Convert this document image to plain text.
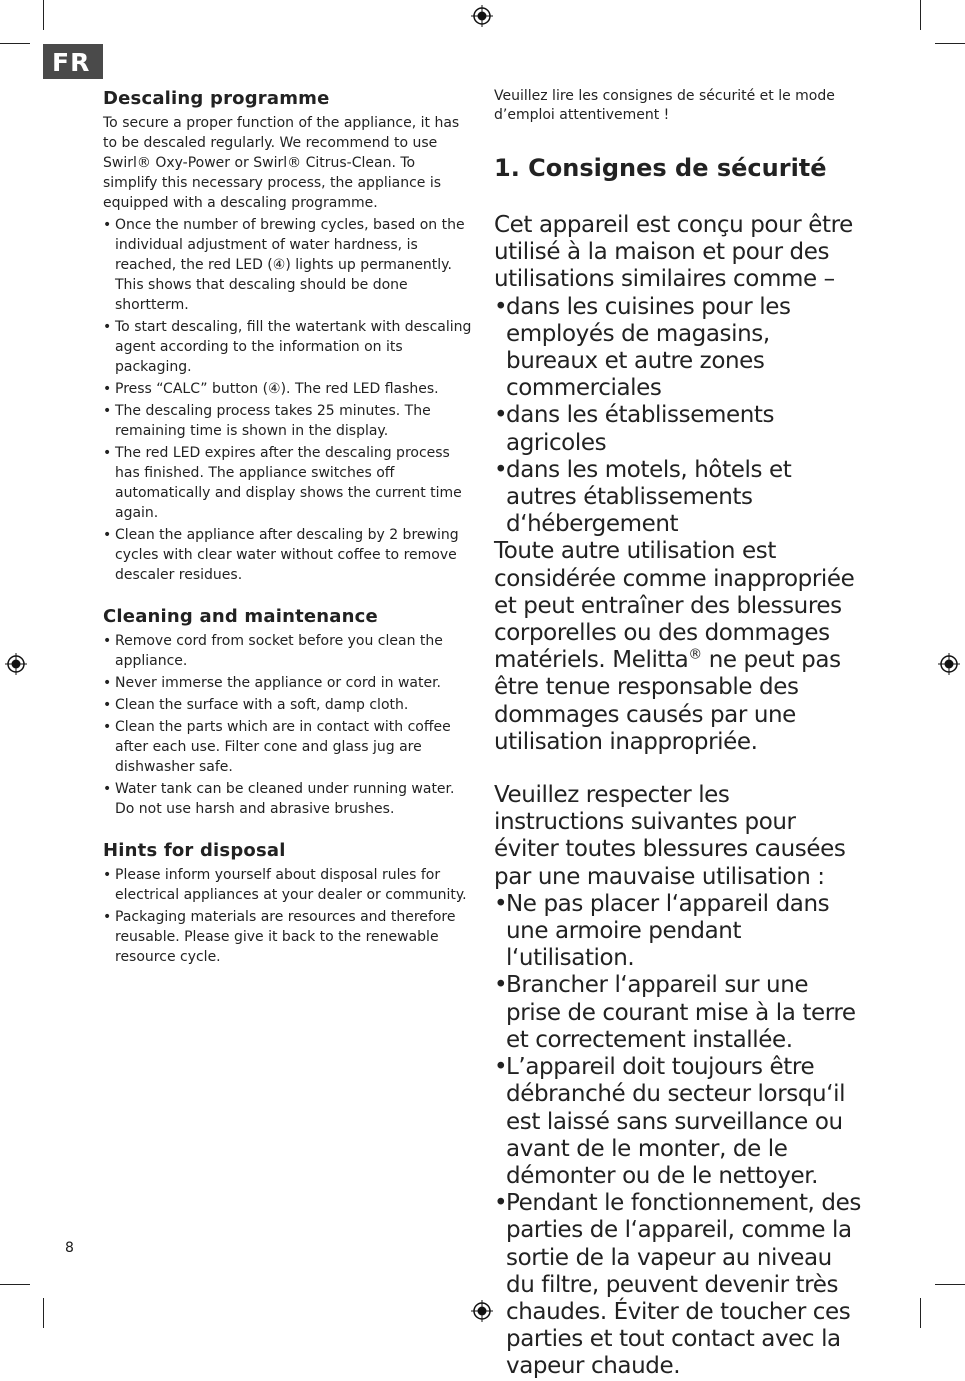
FR
Descaling programme

To secure a proper function of the appliance, it has to be descaled regularly. We recommend to use Swirl® Oxy-Power or Swirl® Citrus-Clean. To simplify this necessary process, the appliance is equipped with a descaling programme.

• Once the number of brewing cycles, based on the individual adjustment of water hardness, is reached, the red LED (④) lights up permanently. This shows that descaling should be done shortterm.
• To start descaling, fill the watertank with descaling agent according to the information on its packaging.
• Press “CALC” button (④). The red LED flashes.
• The descaling process takes 25 minutes. The remaining time is shown in the display.
• The red LED expires after the descaling process has finished. The appliance switches off automatically and display shows the current time again.
• Clean the appliance after descaling by 2 brewing cycles with clear water without coffee to remove descaler residues.
Cleaning and maintenance
• Remove cord from socket before you clean the appliance.
• Never immerse the appliance or cord in water.
• Clean the surface with a soft, damp cloth.
• Clean the parts which are in contact with coffee after each use. Filter cone and glass jug are dishwasher safe.
• Water tank can be cleaned under running water. Do not use harsh and abrasive brushes.
Hints for disposal
• Please inform yourself about disposal rules for electrical appliances at your dealer or community.
• Packaging materials are resources and therefore reusable. Please give it back to the renewable resource cycle.

Veuillez lire les consignes de sécurité et le mode d’emploi attentivement !

1. Consignes de sécurité

Cet appareil est conçu pour être utilisé à la maison et pour des utilisations similaires comme –

• dans les cuisines pour les employés de magasins, bureaux et autre zones commerciales
• dans les établissements agricoles
• dans les motels, hôtels et autres établissements d‘hébergement

Toute autre utilisation est considérée comme inappropriée et peut entraîner des blessures corporelles ou des dommages matériels. Melitta® ne peut pas être tenue responsable des dommages causés par une utilisation inappropriée.

Veuillez respecter les instructions suivantes pour éviter toutes blessures causées par une mauvaise utilisation :

• Ne pas placer l‘appareil dans une armoire pendant l‘utilisation.
• Brancher l‘appareil sur une prise de courant mise à la terre et correctement installée.
• L’appareil doit toujours être débranché du secteur lorsqu‘il est laissé sans surveillance ou avant de le monter, de le démonter ou de le nettoyer.
• Pendant le fonctionnement, des parties de l‘appareil, comme la sortie de la vapeur au niveau du filtre, peuvent devenir très chaudes. Éviter de toucher ces parties et tout contact avec la vapeur chaude.
8
